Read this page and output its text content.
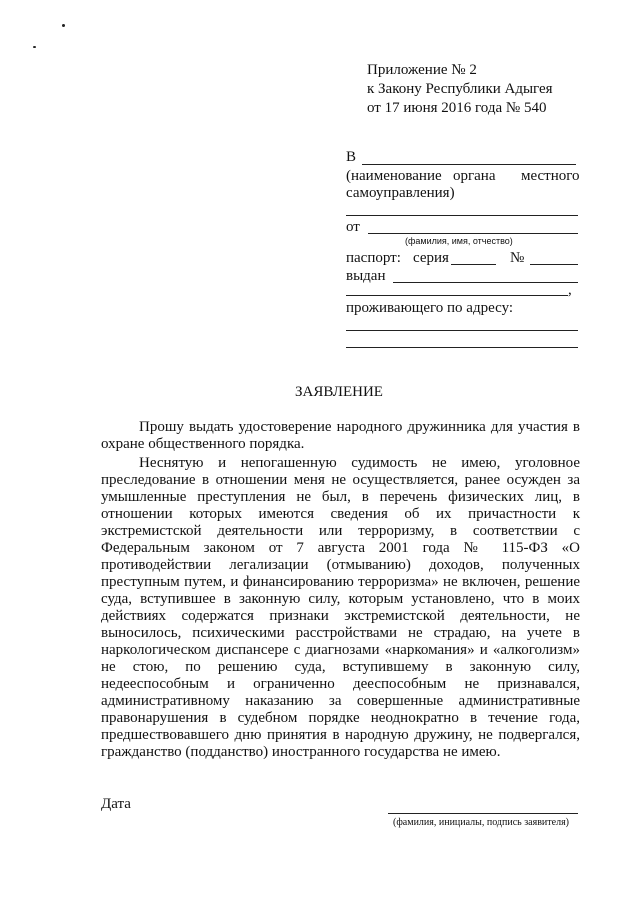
Приложение № 2
к Закону Республики Адыгея
от 17 июня 2016 года № 540
В
(наименование органа местного
самоуправления)
от
(фамилия, имя, отчество)
паспорт: серия	№
выдан
,
проживающего по адресу:
ЗАЯВЛЕНИЕ
Прошу выдать удостоверение народного дружинника для участия в
охране общественного порядка.
Неснятую и непогашенную судимость не имею, уголовное
преследование в отношении меня не осуществляется, ранее осужден за
умышленные преступления не был, в перечень физических лиц, в
отношении которых имеются сведения об их причастности к
экстремистской деятельности или терроризму, в соответствии с
Федеральным законом от 7 августа 2001 года № 115-ФЗ «О
противодействии легализации (отмыванию) доходов, полученных
преступным путем, и финансированию терроризма» не включен, решение
суда, вступившее в законную силу, которым установлено, что в моих
действиях содержатся признаки экстремистской деятельности, не
выносилось, психическими расстройствами не страдаю, на учете в
наркологическом диспансере с диагнозами «наркомания» и «алкоголизм»
не стою, по решению суда, вступившему в законную силу,
недееспособным и ограниченно дееспособным не признавался,
административному наказанию за совершенные административные
правонарушения в судебном порядке неоднократно в течение года,
предшествовавшего дню принятия в народную дружину, не подвергался,
гражданство (подданство) иностранного государства не имею.
Дата
(фамилия, инициалы, подпись заявителя)
